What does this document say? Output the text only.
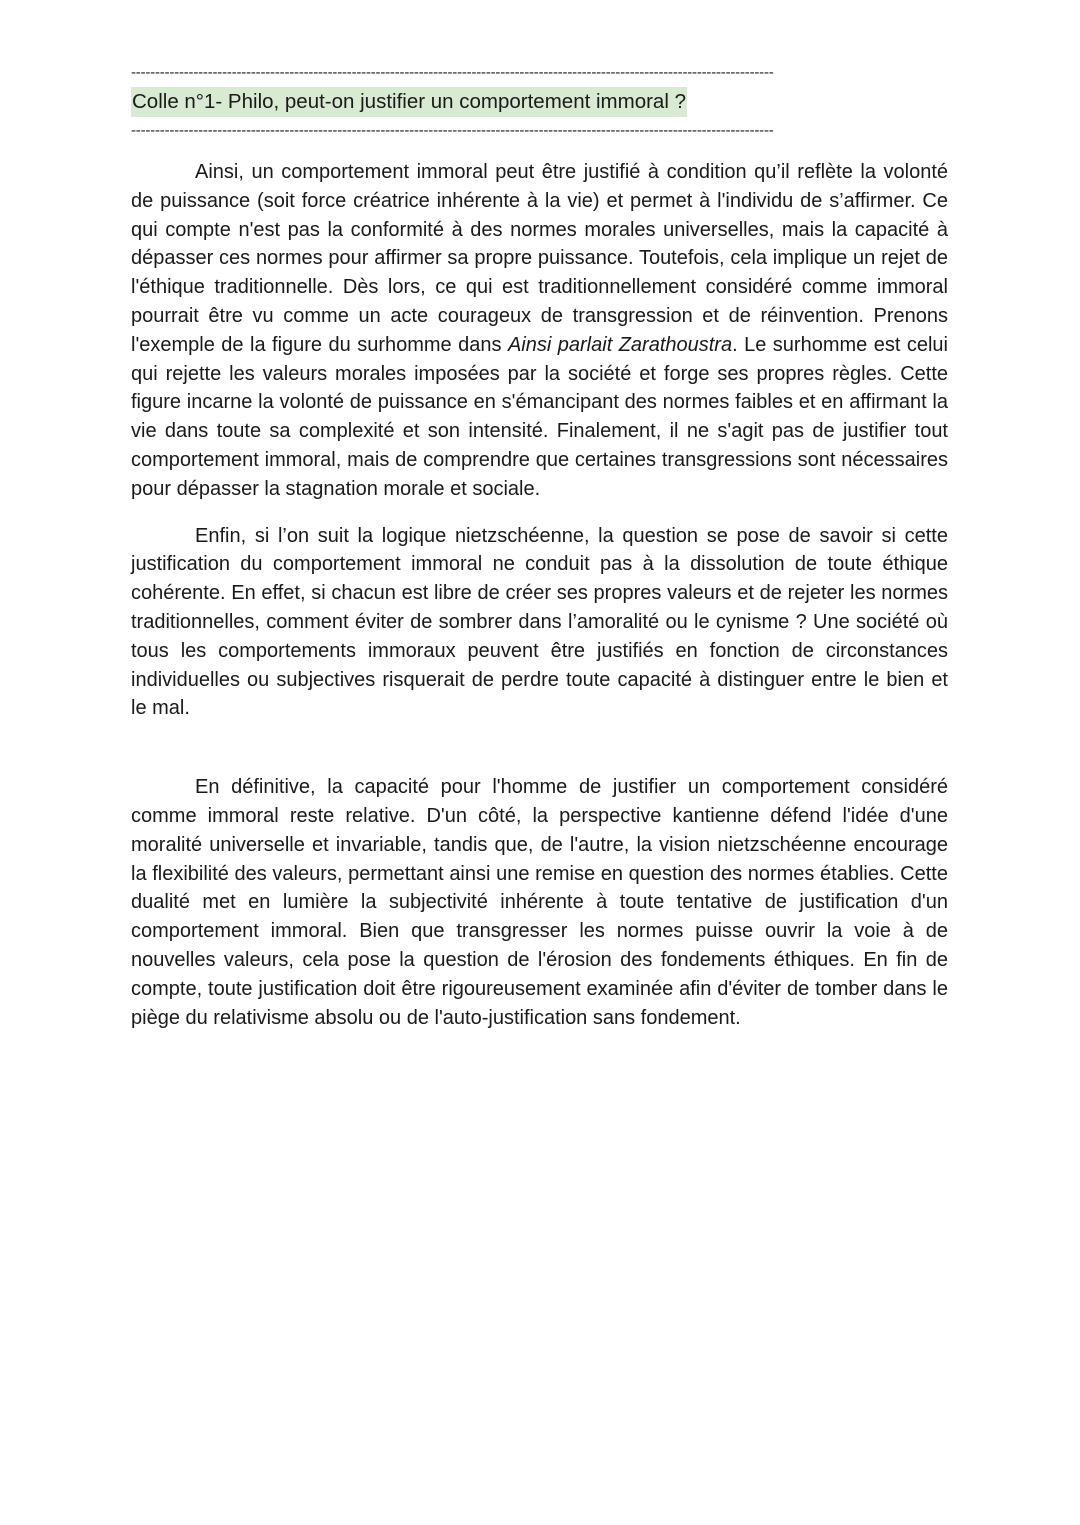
--------------------------------------------------------------------------------------------------------------------------------------
Colle n°1- Philo, peut-on justifier un comportement immoral ?
--------------------------------------------------------------------------------------------------------------------------------------

Ainsi, un comportement immoral peut être justifié à condition qu’il reflète la volonté de puissance (soit force créatrice inhérente à la vie) et permet à l'individu de s’affirmer. Ce qui compte n'est pas la conformité à des normes morales universelles, mais la capacité à dépasser ces normes pour affirmer sa propre puissance. Toutefois, cela implique un rejet de l'éthique traditionnelle. Dès lors, ce qui est traditionnellement considéré comme immoral pourrait être vu comme un acte courageux de transgression et de réinvention. Prenons l'exemple de la figure du surhomme dans Ainsi parlait Zarathoustra. Le surhomme est celui qui rejette les valeurs morales imposées par la société et forge ses propres règles. Cette figure incarne la volonté de puissance en s'émancipant des normes faibles et en affirmant la vie dans toute sa complexité et son intensité. Finalement, il ne s'agit pas de justifier tout comportement immoral, mais de comprendre que certaines transgressions sont nécessaires pour dépasser la stagnation morale et sociale.

Enfin, si l’on suit la logique nietzschéenne, la question se pose de savoir si cette justification du comportement immoral ne conduit pas à la dissolution de toute éthique cohérente. En effet, si chacun est libre de créer ses propres valeurs et de rejeter les normes traditionnelles, comment éviter de sombrer dans l’amoralité ou le cynisme ? Une société où tous les comportements immoraux peuvent être justifiés en fonction de circonstances individuelles ou subjectives risquerait de perdre toute capacité à distinguer entre le bien et le mal.

En définitive, la capacité pour l'homme de justifier un comportement considéré comme immoral reste relative. D'un côté, la perspective kantienne défend l'idée d'une moralité universelle et invariable, tandis que, de l'autre, la vision nietzschéenne encourage la flexibilité des valeurs, permettant ainsi une remise en question des normes établies. Cette dualité met en lumière la subjectivité inhérente à toute tentative de justification d'un comportement immoral. Bien que transgresser les normes puisse ouvrir la voie à de nouvelles valeurs, cela pose la question de l'érosion des fondements éthiques. En fin de compte, toute justification doit être rigoureusement examinée afin d'éviter de tomber dans le piège du relativisme absolu ou de l'auto-justification sans fondement.
